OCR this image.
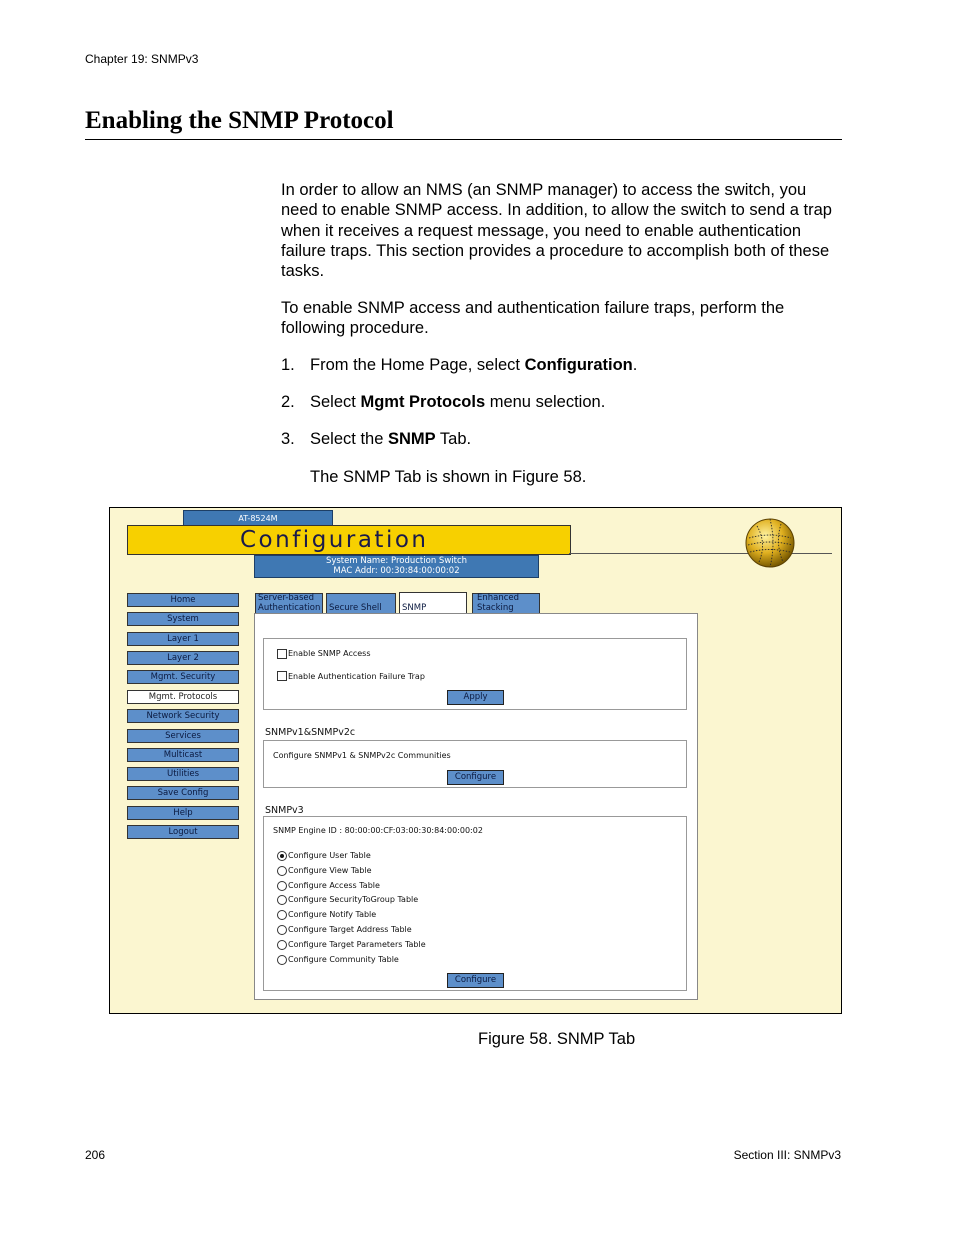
Chapter 19: SNMPv3
Enabling the SNMP Protocol
In order to allow an NMS (an SNMP manager) to access the switch, you need to enable SNMP access. In addition, to allow the switch to send a trap when it receives a request message, you need to enable authentication failure traps. This section provides a procedure to accomplish both of these tasks.
To enable SNMP access and authentication failure traps, perform the following procedure.
1. From the Home Page, select Configuration.
2. Select Mgmt Protocols menu selection.
3. Select the SNMP Tab.
The SNMP Tab is shown in Figure 58.
AT-8524M
Configuration
System Name: Production Switch
MAC Addr: 00:30:84:00:00:02
Home
System
Layer 1
Layer 2
Mgmt. Security
Mgmt. Protocols
Network Security
Services
Multicast
Utilities
Save Config
Help
Logout
Server-based
Authentication	Secure Shell	SNMP
Enhanced
Stacking
Enable SNMP Access
Enable Authentication Failure Trap
Apply
SNMPv1&SNMPv2c
Configure SNMPv1 & SNMPv2c Communities
Configure
SNMPv3
SNMP Engine ID : 80:00:00:CF:03:00:30:84:00:00:02
Configure User Table
Configure View Table
Configure Access Table
Configure SecurityToGroup Table
Configure Notify Table
Configure Target Address Table
Configure Target Parameters Table
Configure Community Table
Configure
Figure 58. SNMP Tab
206	Section III: SNMPv3
